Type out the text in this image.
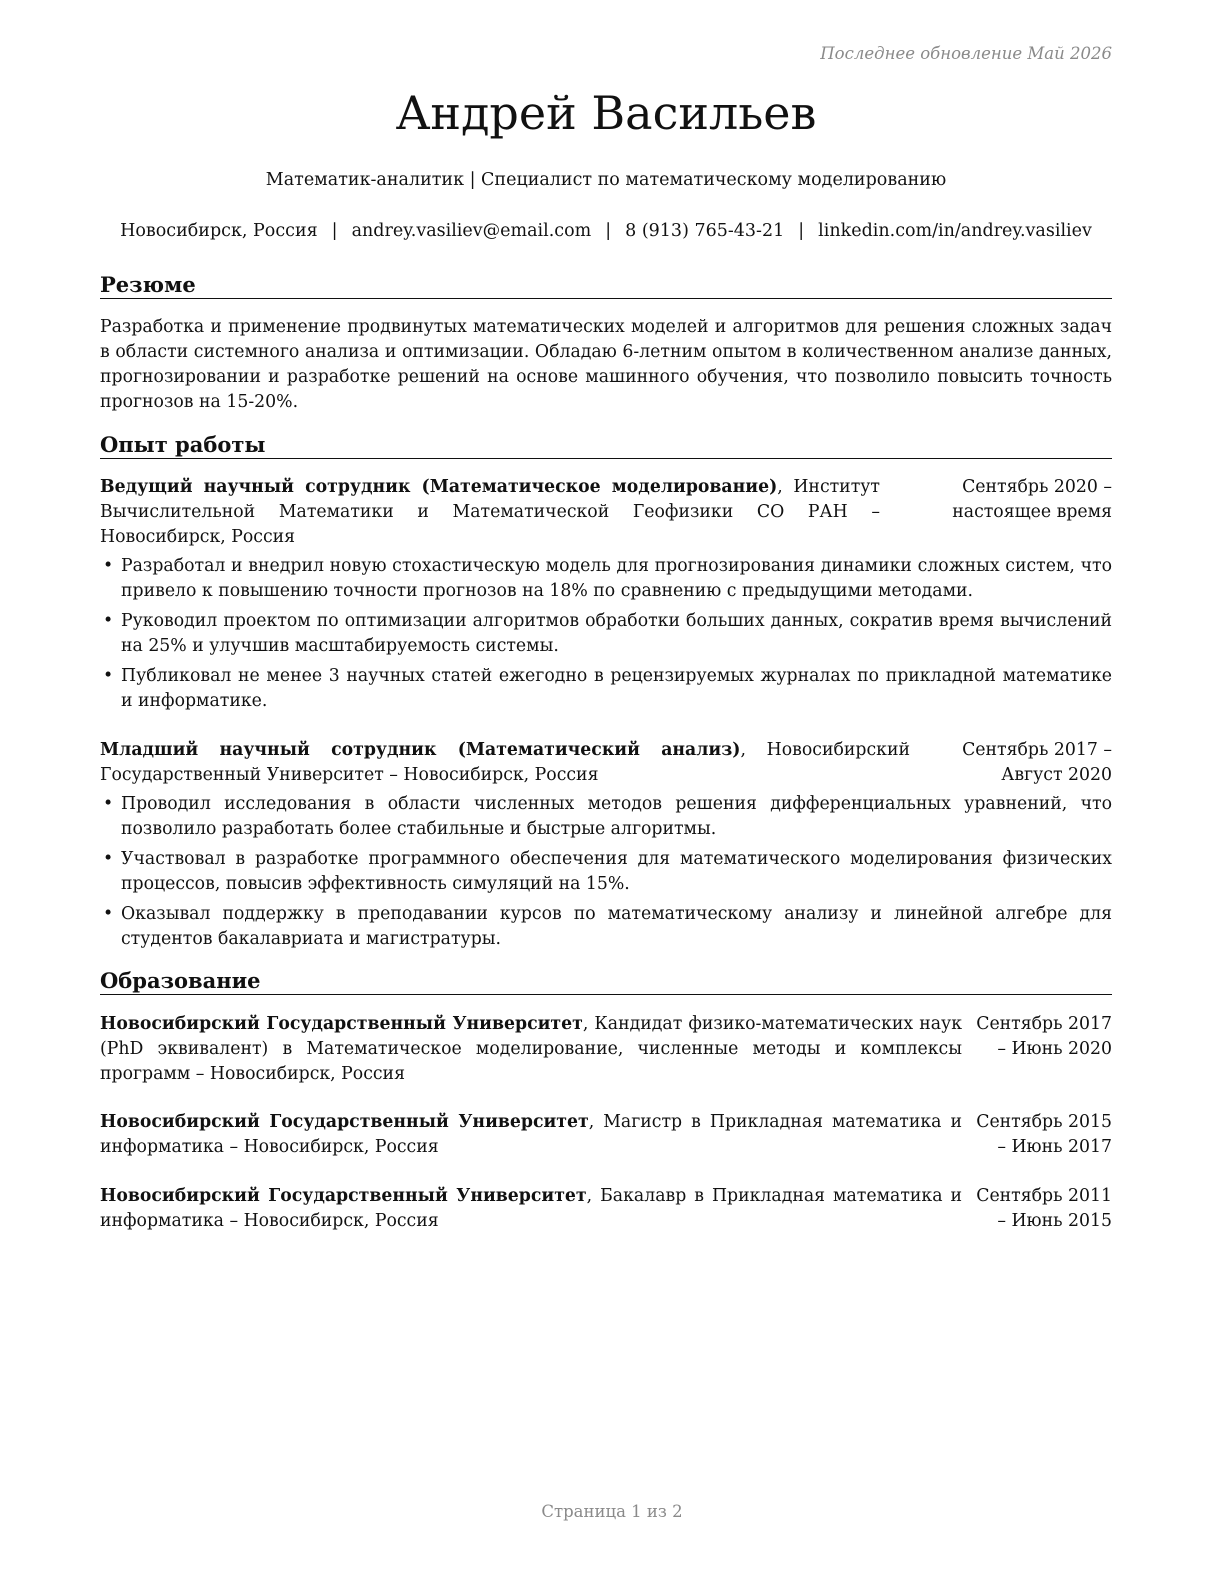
Последнее обновление Май 2026
Андрей Васильев
Математик-аналитик | Специалист по математическому моделированию
Новосибирск, Россия | andrey.vasiliev@email.com | 8 (913) 765-43-21 | linkedin.com/in/andrey.vasiliev
Резюме
Разработка и применение продвинутых математических моделей и алгоритмов для решения сложных задач в области системного анализа и оптимизации. Обладаю 6-летним опытом в количественном анализе данных, прогнозировании и разработке решений на основе машинного обучения, что позволило повысить точность прогнозов на 15-20%.
Опыт работы
Ведущий научный сотрудник (Математическое моделирование), Институт Вычислительной Математики и Математической Геофизики СО РАН – Новосибирск, Россия
Сентябрь 2020 – настоящее время
• Разработал и внедрил новую стохастическую модель для прогнозирования динамики сложных систем, что привело к повышению точности прогнозов на 18% по сравнению с предыдущими методами.
• Руководил проектом по оптимизации алгоритмов обработки больших данных, сократив время вычислений на 25% и улучшив масштабируемость системы.
• Публиковал не менее 3 научных статей ежегодно в рецензируемых журналах по прикладной математике и информатике.
Младший научный сотрудник (Математический анализ), Новосибирский Государственный Университет – Новосибирск, Россия
Сентябрь 2017 – Август 2020
• Проводил исследования в области численных методов решения дифференциальных уравнений, что позволило разработать более стабильные и быстрые алгоритмы.
• Участвовал в разработке программного обеспечения для математического моделирования физических процессов, повысив эффективность симуляций на 15%.
• Оказывал поддержку в преподавании курсов по математическому анализу и линейной алгебре для студентов бакалавриата и магистратуры.
Образование
Новосибирский Государственный Университет, Кандидат физико-математических наук (PhD эквивалент) в Математическое моделирование, численные методы и комплексы программ – Новосибирск, Россия
Сентябрь 2017 – Июнь 2020
Новосибирский Государственный Университет, Магистр в Прикладная математика и информатика – Новосибирск, Россия
Сентябрь 2015 – Июнь 2017
Новосибирский Государственный Университет, Бакалавр в Прикладная математика и информатика – Новосибирск, Россия
Сентябрь 2011 – Июнь 2015
Страница 1 из 2
